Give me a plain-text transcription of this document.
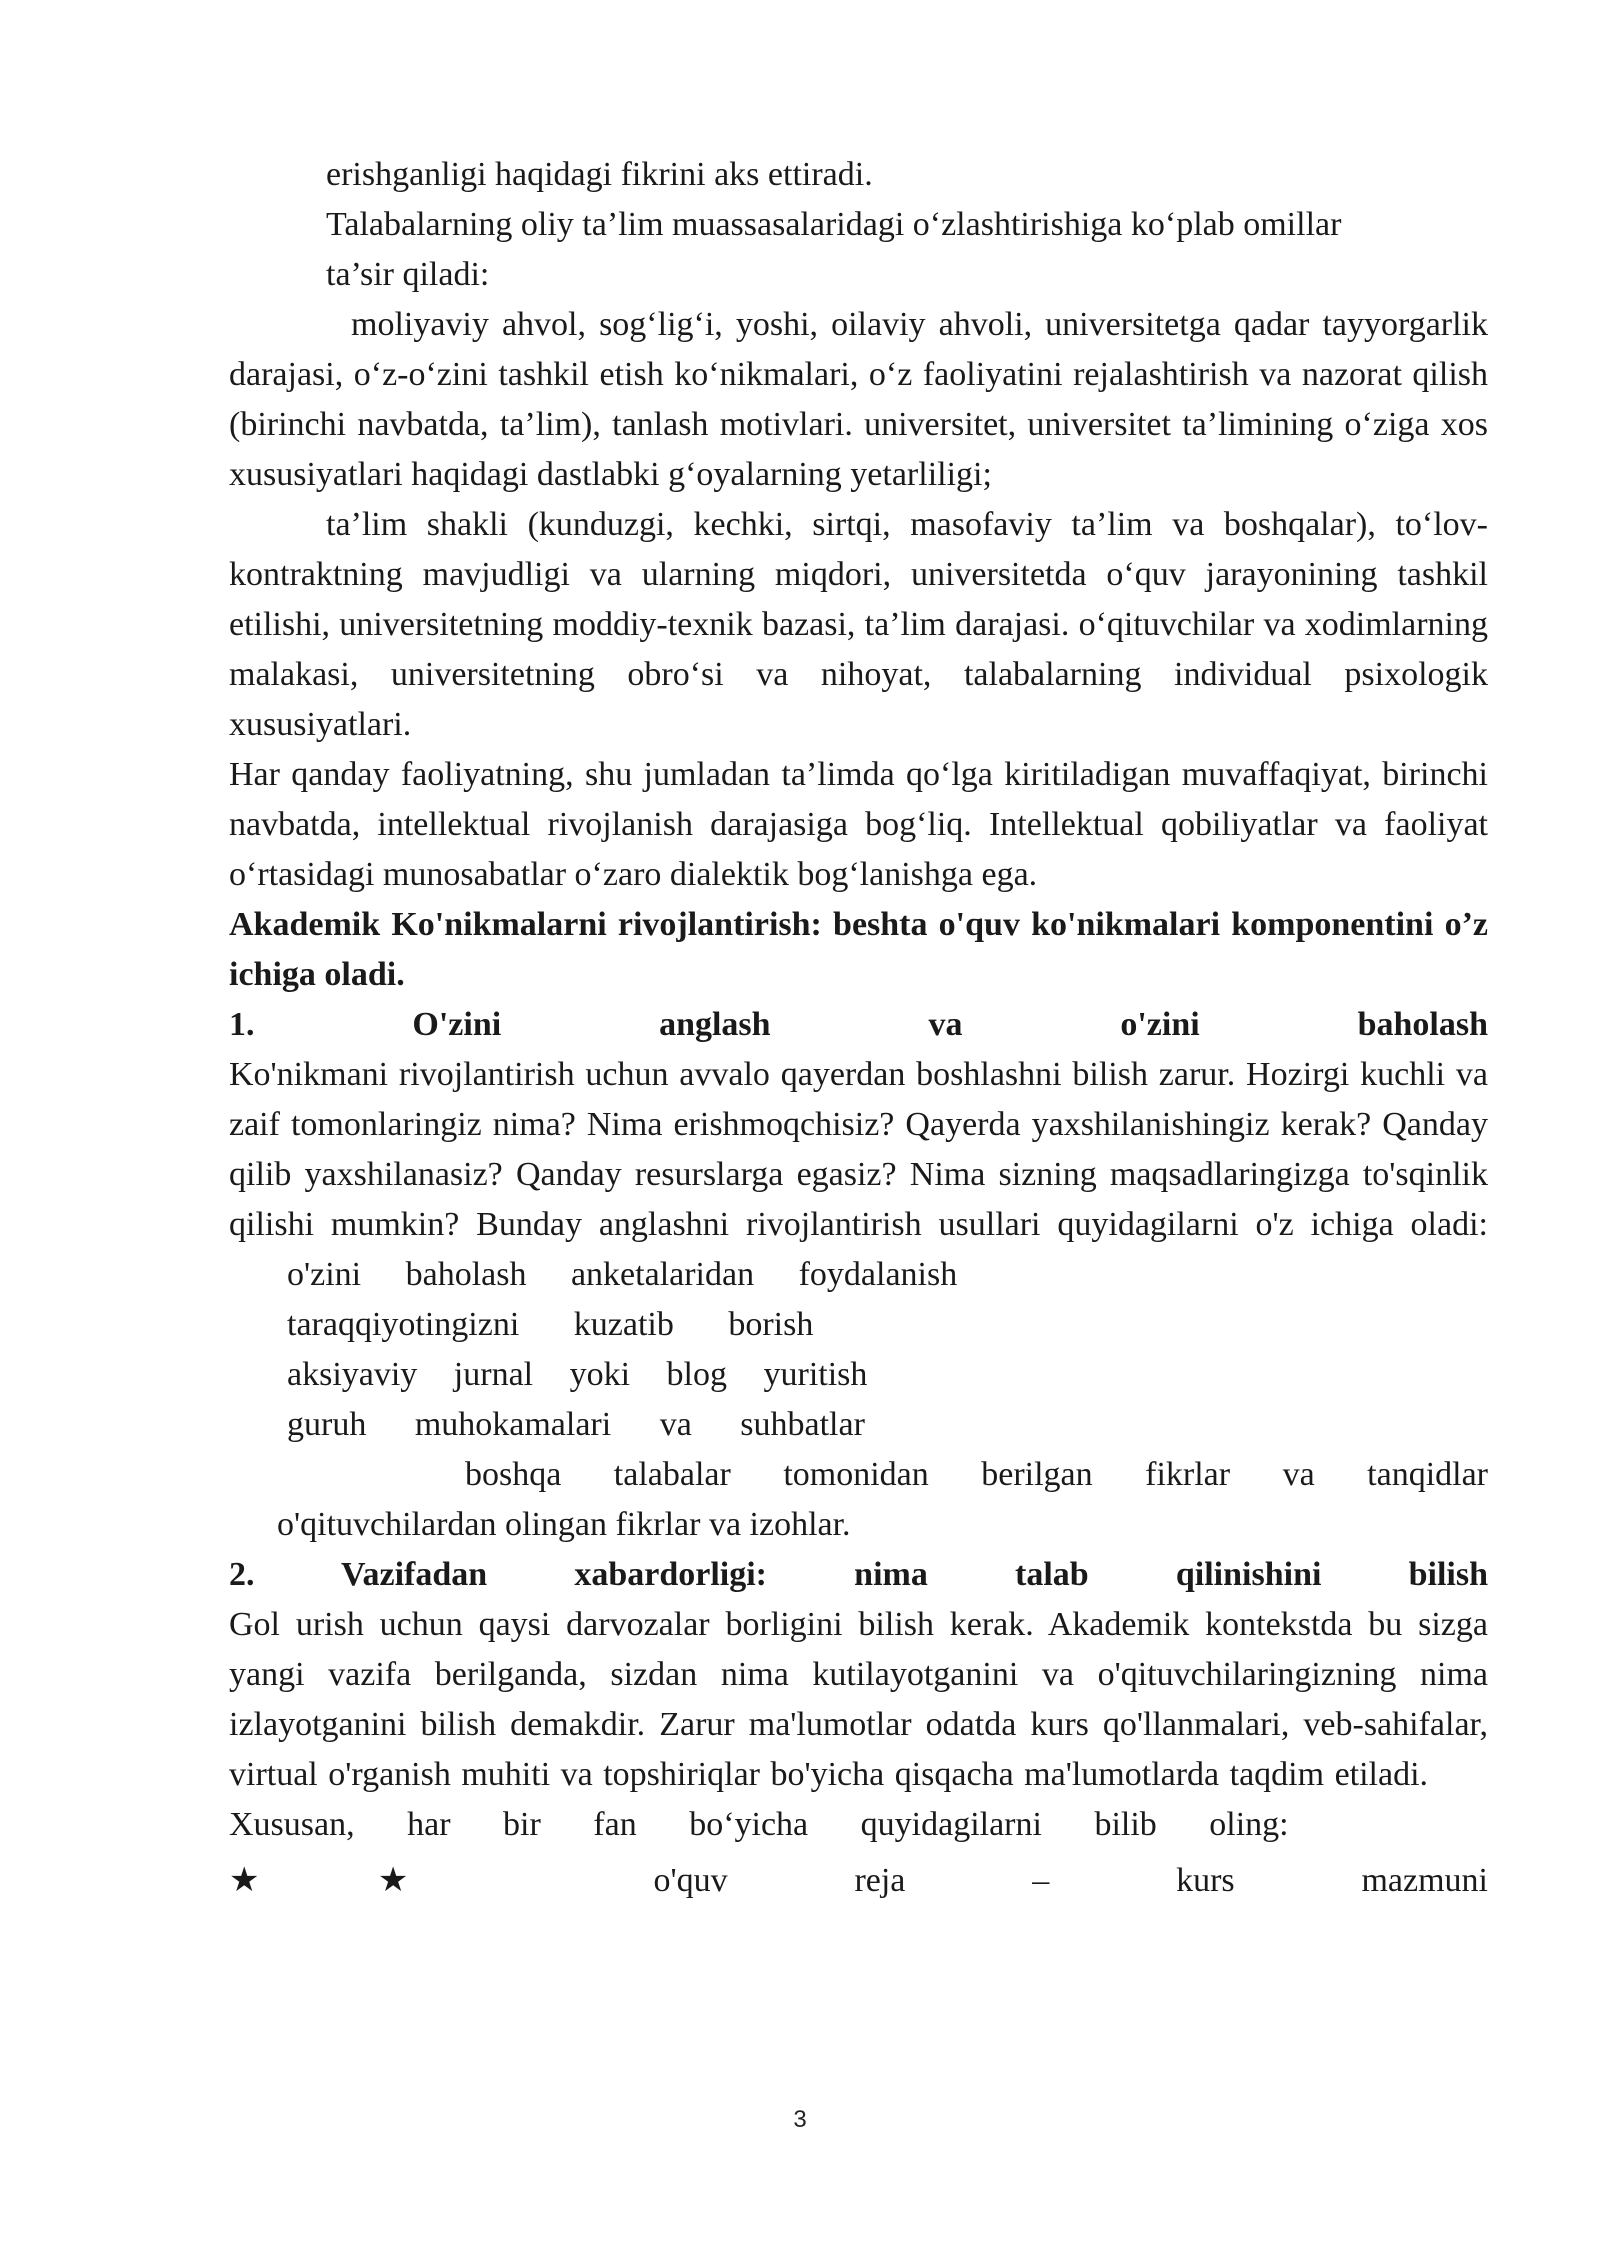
erishganligi haqidagi fikrini aks ettiradi.

Talabalarning oliy ta’lim muassasalaridagi o‘zlashtirishiga ko‘plab omillar

ta’sir qiladi:

moliyaviy ahvol, sog‘lig‘i, yoshi, oilaviy ahvoli, universitetga qadar tayyorgarlik darajasi, o‘z-o‘zini tashkil etish ko‘nikmalari, o‘z faoliyatini rejalashtirish va nazorat qilish (birinchi navbatda, ta’lim), tanlash motivlari. universitet, universitet ta’limining o‘ziga xos xususiyatlari haqidagi dastlabki g‘oyalarning yetarliligi;

ta’lim shakli (kunduzgi, kechki, sirtqi, masofaviy ta’lim va boshqalar), to‘lov-kontraktning mavjudligi va ularning miqdori, universitetda o‘quv jarayonining tashkil etilishi, universitetning moddiy-texnik bazasi, ta’lim darajasi. o‘qituvchilar va xodimlarning malakasi, universitetning obro‘si va nihoyat, talabalarning individual psixologik xususiyatlari.

Har qanday faoliyatning, shu jumladan ta’limda qo‘lga kiritiladigan muvaffaqiyat, birinchi navbatda, intellektual rivojlanish darajasiga bog‘liq. Intellektual qobiliyatlar va faoliyat o‘rtasidagi munosabatlar o‘zaro dialektik bog‘lanishga ega.

Akademik Ko'nikmalarni rivojlantirish: beshta o'quv ko'nikmalari komponentini o’z ichiga oladi.

1. O'zini anglash va o'zini baholash

Ko'nikmani rivojlantirish uchun avvalo qayerdan boshlashni bilish zarur. Hozirgi kuchli va zaif tomonlaringiz nima? Nima erishmoqchisiz? Qayerda yaxshilanishingiz kerak? Qanday qilib yaxshilanasiz? Qanday resurslarga egasiz? Nima sizning maqsadlaringizga to'sqinlik qilishi mumkin? Bunday anglashni rivojlantirish usullari quyidagilarni o'z ichiga oladi:

o'zini baholash anketalaridan foydalanish
taraqqiyotingizni kuzatib borish
aksiyaviy jurnal yoki blog yuritish
guruh muhokamalari va suhbatlar

boshqa talabalar tomonidan berilgan fikrlar va tanqidlar

o'qituvchilardan olingan fikrlar va izohlar.

2. Vazifadan xabardorligi: nima talab qilinishini bilish

Gol urish uchun qaysi darvozalar borligini bilish kerak. Akademik kontekstda bu sizga yangi vazifa berilganda, sizdan nima kutilayotganini va o'qituvchilaringizning nima izlayotganini bilish demakdir. Zarur ma'lumotlar odatda kurs qo'llanmalari, veb-sahifalar, virtual o'rganish muhiti va topshiriqlar bo'yicha qisqacha ma'lumotlarda taqdim etiladi.

Xususan, har bir fan bo‘yicha quyidagilarni bilib oling:

★★ o'quv reja – kurs mazmuni

3
